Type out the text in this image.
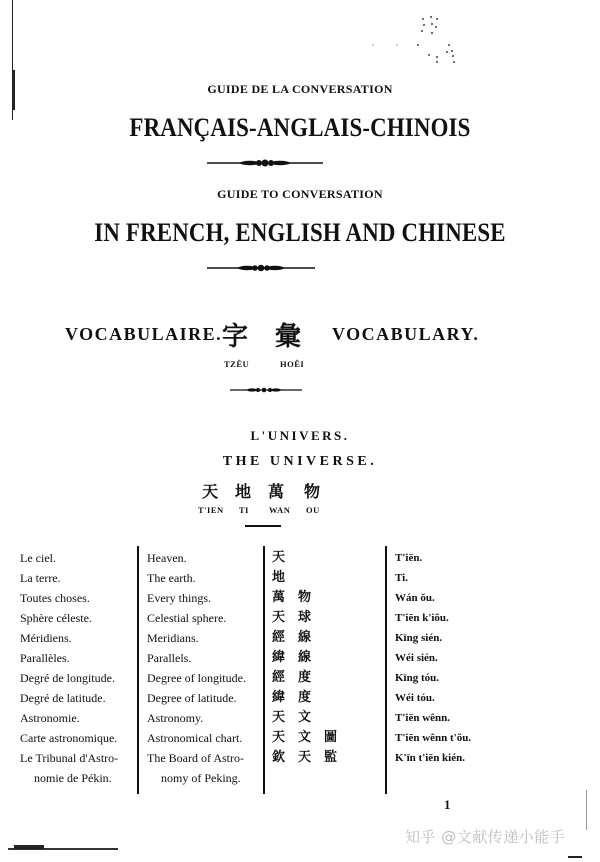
GUIDE DE LA CONVERSATION
FRANÇAIS-ANGLAIS-CHINOIS
GUIDE TO CONVERSATION
IN FRENCH, ENGLISH AND CHINESE
VOCABULAIRE. 字 彙 VOCABULARY.
TZÊU	HOÊI
L'UNIVERS.
THE UNIVERSE.
天 地 萬 物
T'IEN TI WAN OU
Le ciel.
La terre.
Toutes choses.
Sphère céleste.
Méridiens.
Parallèles.
Degré de longitude.
Degré de latitude.
Astronomie.
Carte astronomique.
Le Tribunal d'Astro-
nomie de Pékin.
Heaven.
The earth.
Every things.
Celestial sphere.
Meridians.
Parallels.
Degree of longitude.
Degree of latitude.
Astronomy.
Astronomical chart.
The Board of Astro-
nomy of Peking.
天
地
萬 物
天 球
經 線
緯 線
經 度
緯 度
天 文
天 文 圖
欽 天 監
T'iēn.
Ti.
Wán ŏu.
T'iēn k'iôu.
Kīng sién.
Wéi sién.
Kīng tóu.
Wéi tóu.
T'iēn wênn.
T'iēn wênn t'ŏu.
K'īn t'iēn kién.
1
知乎 @文献传递小能手
